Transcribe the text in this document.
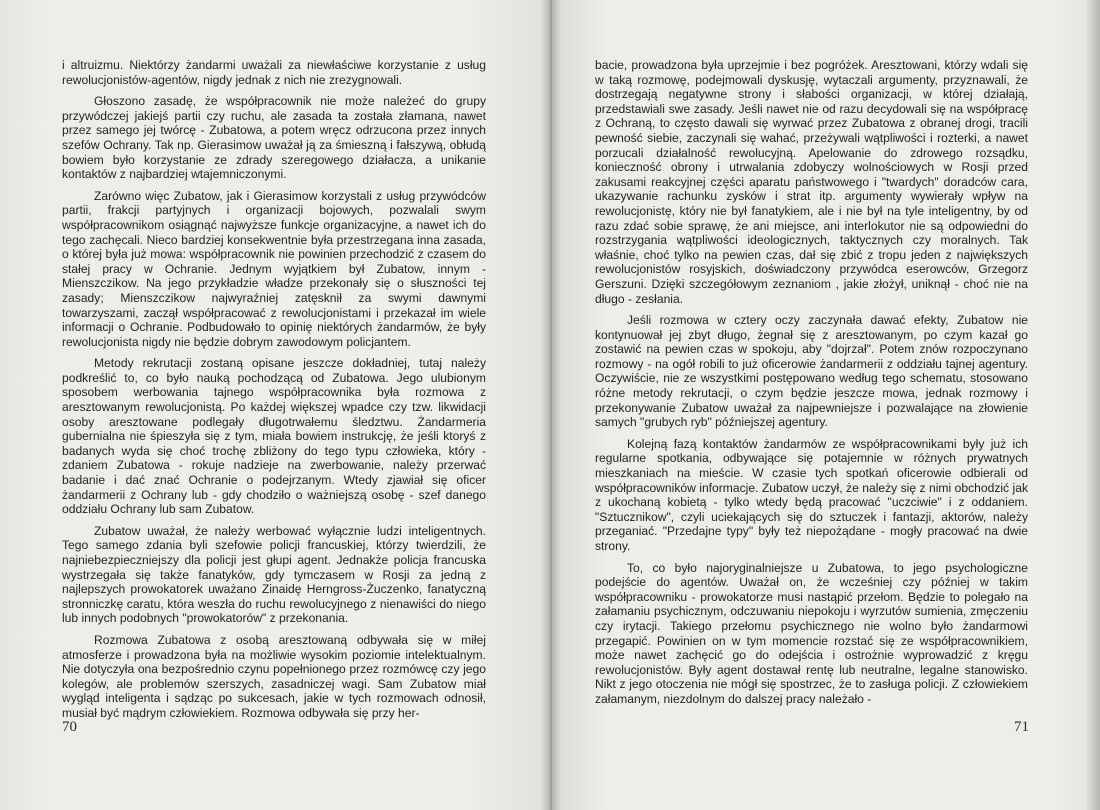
i altruizmu. Niektórzy żandarmi uważali za niewłaściwe korzystanie z usług rewolucjonistów-agentów, nigdy jednak z nich nie zrezygnowali.

Głoszono zasadę, że współpracownik nie może należeć do grupy przywódczej jakiejś partii czy ruchu, ale zasada ta została złamana, nawet przez samego jej twórcę - Zubatowa, a potem wręcz odrzucona przez innych szefów Ochrany. Tak np. Gierasimow uważał ją za śmieszną i fałszywą, obłudą bowiem było korzystanie ze zdrady szeregowego działacza, a unikanie kontaktów z najbardziej wtajemniczonymi.

Zarówno więc Zubatow, jak i Gierasimow korzystali z usług przywódców partii, frakcji partyjnych i organizacji bojowych, pozwalali swym współpracownikom osiągnąć najwyższe funkcje organizacyjne, a nawet ich do tego zachęcali. Nieco bardziej konsekwentnie była przestrzegana inna zasada, o której była już mowa: współpracownik nie powinien przechodzić z czasem do stałej pracy w Ochranie. Jednym wyjątkiem był Zubatow, innym - Mienszczikow. Na jego przykładzie władze przekonały się o słuszności tej zasady; Mienszczikow najwyraźniej zatęsknił za swymi dawnymi towarzyszami, zaczął współpracować z rewolucjonistami i przekazał im wiele informacji o Ochranie. Podbudowało to opinię niektórych żandarmów, że były rewolucjonista nigdy nie będzie dobrym zawodowym policjantem.

Metody rekrutacji zostaną opisane jeszcze dokładniej, tutaj należy podkreślić to, co było nauką pochodzącą od Zubatowa. Jego ulubionym sposobem werbowania tajnego współpracownika była rozmowa z aresztowanym rewolucjonistą. Po każdej większej wpadce czy tzw. likwidacji osoby aresztowane podlegały długotrwałemu śledztwu. Żandarmeria gubernialna nie śpieszyła się z tym, miała bowiem instrukcję, że jeśli ktoryś z badanych wyda się choć trochę zbliżony do tego typu człowieka, który - zdaniem Zubatowa - rokuje nadzieje na zwerbowanie, należy przerwać badanie i dać znać Ochranie o podejrzanym. Wtedy zjawiał się oficer żandarmerii z Ochrany lub - gdy chodziło o ważniejszą osobę - szef danego oddziału Ochrany lub sam Zubatow.

Zubatow uważał, że należy werbować wyłącznie ludzi inteligentnych. Tego samego zdania byli szefowie policji francuskiej, którzy twierdzili, że najniebezpieczniejszy dla policji jest głupi agent. Jednakże policja francuska wystrzegała się także fanatyków, gdy tymczasem w Rosji za jedną z najlepszych prowokatorek uważano Zinaidę Herngross-Żuczenko, fanatyczną stronniczkę caratu, która weszła do ruchu rewolucyjnego z nienawiści do niego lub innych podobnych "prowokatorów" z przekonania.

Rozmowa Zubatowa z osobą aresztowaną odbywała się w miłej atmosferze i prowadzona była na możliwie wysokim poziomie intelektualnym. Nie dotyczyła ona bezpośrednio czynu popełnionego przez rozmówcę czy jego kolegów, ale problemów szerszych, zasadniczej wagi. Sam Zubatow miał wygląd inteligenta i sądząc po sukcesach, jakie w tych rozmowach odnosił, musiał być mądrym człowiekiem. Rozmowa odbywała się przy her-

70

bacie, prowadzona była uprzejmie i bez pogróżek. Aresztowani, którzy wdali się w taką rozmowę, podejmowali dyskusję, wytaczali argumenty, przyznawali, że dostrzegają negatywne strony i słabości organizacji, w której działają, przedstawiali swe zasady. Jeśli nawet nie od razu decydowali się na współpracę z Ochraną, to często dawali się wyrwać przez Zubatowa z obranej drogi, tracili pewność siebie, zaczynali się wahać, przeżywali wątpliwości i rozterki, a nawet porzucali działalność rewolucyjną. Apelowanie do zdrowego rozsądku, konieczność obrony i utrwalania zdobyczy wolnościowych w Rosji przed zakusami reakcyjnej części aparatu państwowego i "twardych" doradców cara, ukazywanie rachunku zysków i strat itp. argumenty wywierały wpływ na rewolucjonistę, który nie był fanatykiem, ale i nie był na tyle inteligentny, by od razu zdać sobie sprawę, że ani miejsce, ani interlokutor nie są odpowiedni do rozstrzygania wątpliwości ideologicznych, taktycznych czy moralnych. Tak właśnie, choć tylko na pewien czas, dał się zbić z tropu jeden z największych rewolucjonistów rosyjskich, doświadczony przywódca eserowców, Grzegorz Gerszuni. Dzięki szczegółowym zeznaniom , jakie złożył, uniknął - choć nie na długo - zesłania.

Jeśli rozmowa w cztery oczy zaczynała dawać efekty, Zubatow nie kontynuował jej zbyt długo, żegnał się z aresztowanym, po czym kazał go zostawić na pewien czas w spokoju, aby "dojrzał". Potem znów rozpoczynano rozmowy - na ogół robili to już oficerowie żandarmerii z oddziału tajnej agentury. Oczywiście, nie ze wszystkimi postępowano według tego schematu, stosowano różne metody rekrutacji, o czym będzie jeszcze mowa, jednak rozmowy i przekonywanie Zubatow uważał za najpewniejsze i pozwalające na złowienie samych "grubych ryb" późniejszej agentury.

Kolejną fazą kontaktów żandarmów ze współpracownikami były już ich regularne spotkania, odbywające się potajemnie w różnych prywatnych mieszkaniach na mieście. W czasie tych spotkań oficerowie odbierali od współpracowników informacje. Zubatow uczył, że należy się z nimi obchodzić jak z ukochaną kobietą - tylko wtedy będą pracować "uczciwie" i z oddaniem. "Sztucznikow", czyli uciekających się do sztuczek i fantazji, aktorów, należy przeganiać. "Przedajne typy" były też niepożądane - mogły pracować na dwie strony.

To, co było najoryginalniejsze u Zubatowa, to jego psychologiczne podejście do agentów. Uważał on, że wcześniej czy później w takim współpracowniku - prowokatorze musi nastąpić przełom. Będzie to polegało na załamaniu psychicznym, odczuwaniu niepokoju i wyrzutów sumienia, zmęczeniu czy irytacji. Takiego przełomu psychicznego nie wolno było żandarmowi przegapić. Powinien on w tym momencie rozstać się ze współpracownikiem, może nawet zachęcić go do odejścia i ostrożnie wyprowadzić z kręgu rewolucjonistów. Były agent dostawał rentę lub neutralne, legalne stanowisko. Nikt z jego otoczenia nie mógł się spostrzec, że to zasługa policji. Z człowiekiem załamanym, niezdolnym do dalszej pracy należało -

71
